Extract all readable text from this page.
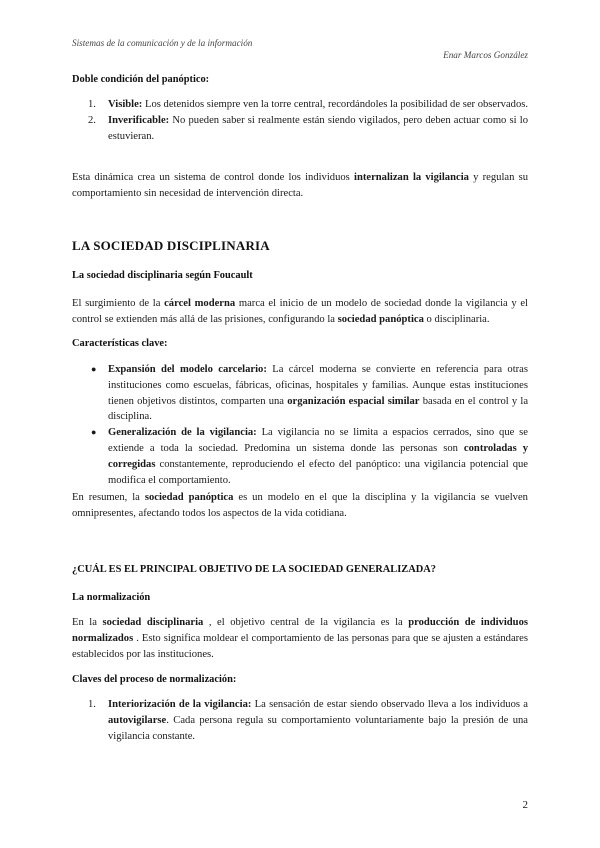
Sistemas de la comunicación y de la información
Enar Marcos González
Doble condición del panóptico:
1. Visible: Los detenidos siempre ven la torre central, recordándoles la posibilidad de ser observados.
2. Inverificable: No pueden saber si realmente están siendo vigilados, pero deben actuar como si lo estuvieran.

Esta dinámica crea un sistema de control donde los individuos internalizan la vigilancia y regulan su comportamiento sin necesidad de intervención directa.

LA SOCIEDAD DISCIPLINARIA
La sociedad disciplinaria según Foucault

El surgimiento de la cárcel moderna marca el inicio de un modelo de sociedad donde la vigilancia y el control se extienden más allá de las prisiones, configurando la sociedad panóptica o disciplinaria.

Características clave:
● Expansión del modelo carcelario: La cárcel moderna se convierte en referencia para otras instituciones como escuelas, fábricas, oficinas, hospitales y familias. Aunque estas instituciones tienen objetivos distintos, comparten una organización espacial similar basada en el control y la disciplina.
● Generalización de la vigilancia: La vigilancia no se limita a espacios cerrados, sino que se extiende a toda la sociedad. Predomina un sistema donde las personas son controladas y corregidas constantemente, reproduciendo el efecto del panóptico: una vigilancia potencial que modifica el comportamiento.

En resumen, la sociedad panóptica es un modelo en el que la disciplina y la vigilancia se vuelven omnipresentes, afectando todos los aspectos de la vida cotidiana.

¿CUÁL ES EL PRINCIPAL OBJETIVO DE LA SOCIEDAD GENERALIZADA?
La normalización

En la sociedad disciplinaria , el objetivo central de la vigilancia es la producción de individuos normalizados . Esto significa moldear el comportamiento de las personas para que se ajusten a estándares establecidos por las instituciones.

Claves del proceso de normalización:
1. Interiorización de la vigilancia: La sensación de estar siendo observado lleva a los individuos a autovigilarse. Cada persona regula su comportamiento voluntariamente bajo la presión de una vigilancia constante.
2
